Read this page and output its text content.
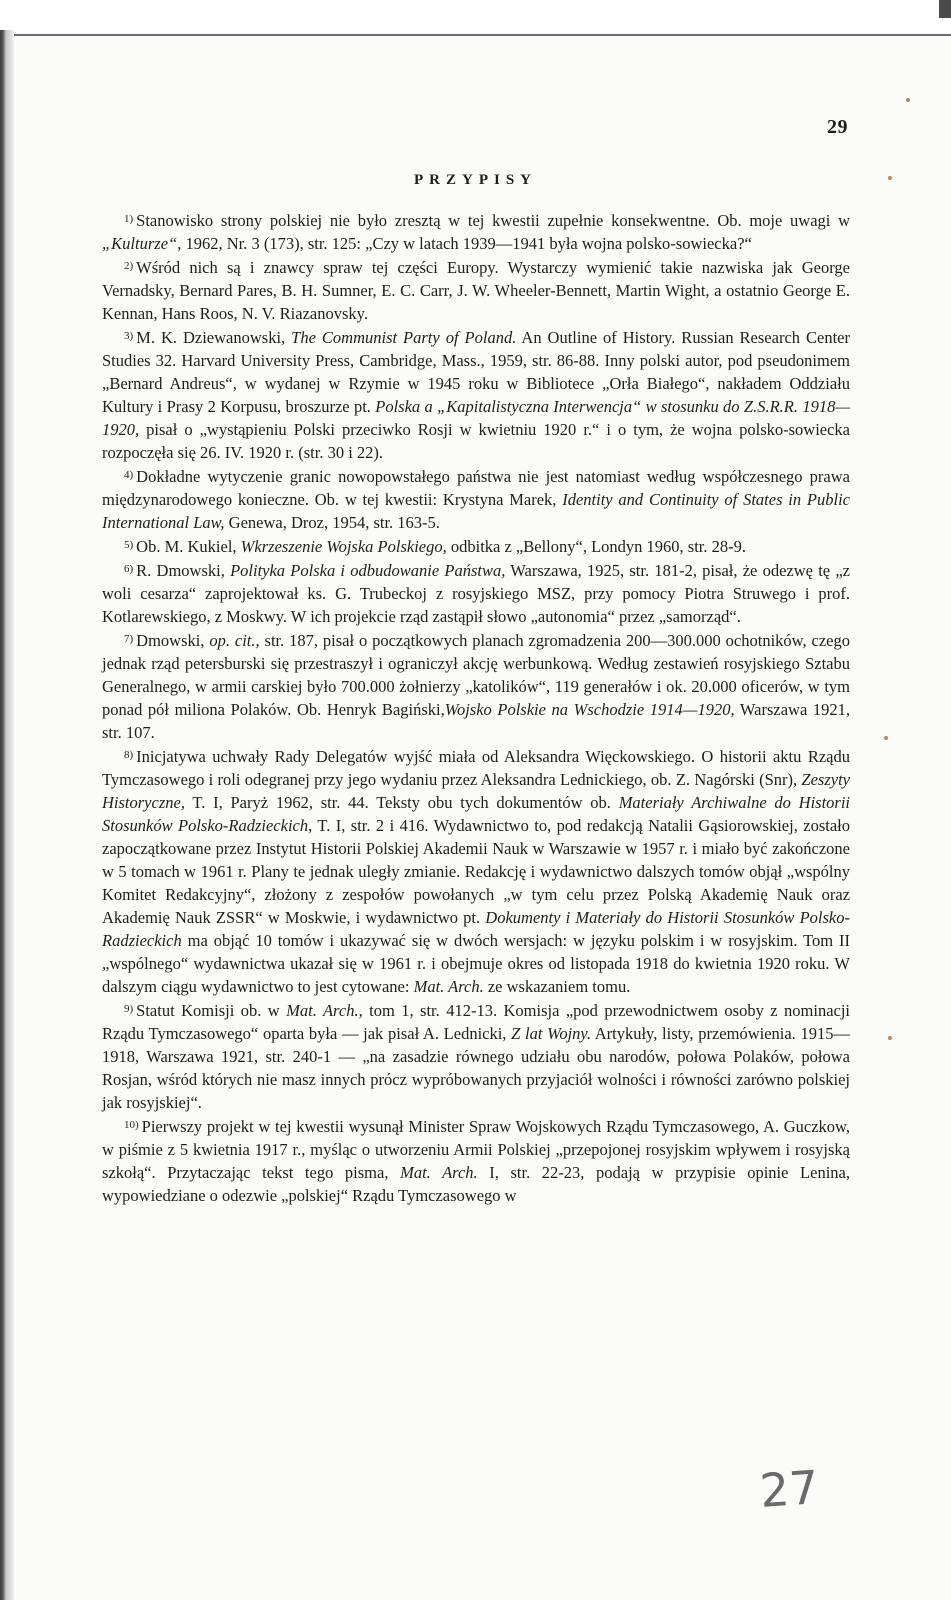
29
PRZYPISY

$^{1)}$ Stanowisko strony polskiej nie było zresztą w tej kwestii zupełnie konsekwentne. Ob. moje uwagi w „Kulturze“, 1962, Nr. 3 (173), str. 125: „Czy w latach 1939—1941 była wojna polsko-sowiecka?“

$^{2)}$ Wśród nich są i znawcy spraw tej części Europy. Wystarczy wymienić takie nazwiska jak George Vernadsky, Bernard Pares, B. H. Sumner, E. C. Carr, J. W. Wheeler-Bennett, Martin Wight, a ostatnio George E. Kennan, Hans Roos, N. V. Riazanovsky.

$^{3)}$ M. K. Dziewanowski, The Communist Party of Poland. An Outline of History. Russian Research Center Studies 32. Harvard University Press, Cambridge, Mass., 1959, str. 86-88. Inny polski autor, pod pseudonimem „Bernard Andreus“, w wydanej w Rzymie w 1945 roku w Bibliotece „Orła Białego“, nakładem Oddziału Kultury i Prasy 2 Korpusu, broszurze pt. Polska a „Kapitalistyczna Interwencja“ w stosunku do Z.S.R.R. 1918—1920, pisał o „wystąpieniu Polski przeciwko Rosji w kwietniu 1920 r.“ i o tym, że wojna polsko-sowiecka rozpoczęła się 26. IV. 1920 r. (str. 30 i 22).

$^{4)}$ Dokładne wytyczenie granic nowopowstałego państwa nie jest natomiast według współczesnego prawa międzynarodowego konieczne. Ob. w tej kwestii: Krystyna Marek, Identity and Continuity of States in Public International Law, Genewa, Droz, 1954, str. 163-5.

$^{5)}$ Ob. M. Kukiel, Wkrzeszenie Wojska Polskiego, odbitka z „Bellony“, Londyn 1960, str. 28-9.

$^{6)}$ R. Dmowski, Polityka Polska i odbudowanie Państwa, Warszawa, 1925, str. 181-2, pisał, że odezwę tę „z woli cesarza“ zaprojektował ks. G. Trubeckoj z rosyjskiego MSZ, przy pomocy Piotra Struwego i prof. Kotlarewskiego, z Moskwy. W ich projekcie rząd zastąpił słowo „autonomia“ przez „samorząd“.

$^{7)}$ Dmowski, op. cit., str. 187, pisał o początkowych planach zgromadzenia 200—300.000 ochotników, czego jednak rząd petersburski się przestraszył i ograniczył akcję werbunkową. Według zestawień rosyjskiego Sztabu Generalnego, w armii carskiej było 700.000 żołnierzy „katolików“, 119 generałów i ok. 20.000 oficerów, w tym ponad pół miliona Polaków. Ob. Henryk Bagiński,Wojsko Polskie na Wschodzie 1914—1920, Warszawa 1921, str. 107.

$^{8)}$ Inicjatywa uchwały Rady Delegatów wyjść miała od Aleksandra Więckowskiego. O historii aktu Rządu Tymczasowego i roli odegranej przy jego wydaniu przez Aleksandra Lednickiego, ob. Z. Nagórski (Snr), Zeszyty Historyczne, T. I, Paryż 1962, str. 44. Teksty obu tych dokumentów ob. Materiały Archiwalne do Historii Stosunków Polsko-Radzieckich, T. I, str. 2 i 416. Wydawnictwo to, pod redakcją Natalii Gąsiorowskiej, zostało zapoczątkowane przez Instytut Historii Polskiej Akademii Nauk w Warszawie w 1957 r. i miało być zakończone w 5 tomach w 1961 r. Plany te jednak uległy zmianie. Redakcję i wydawnictwo dalszych tomów objął „wspólny Komitet Redakcyjny“, złożony z zespołów powołanych „w tym celu przez Polską Akademię Nauk oraz Akademię Nauk ZSSR“ w Moskwie, i wydawnictwo pt. Dokumenty i Materiały do Historii Stosunków Polsko-Radzieckich ma objąć 10 tomów i ukazywać się w dwóch wersjach: w języku polskim i w rosyjskim. Tom II „wspólnego“ wydawnictwa ukazał się w 1961 r. i obejmuje okres od listopada 1918 do kwietnia 1920 roku. W dalszym ciągu wydawnictwo to jest cytowane: Mat. Arch. ze wskazaniem tomu.

$^{9)}$ Statut Komisji ob. w Mat. Arch., tom 1, str. 412-13. Komisja „pod przewodnictwem osoby z nominacji Rządu Tymczasowego“ oparta była — jak pisał A. Lednicki, Z lat Wojny. Artykuły, listy, przemówienia. 1915—1918, Warszawa 1921, str. 240-1 — „na zasadzie równego udziału obu narodów, połowa Polaków, połowa Rosjan, wśród których nie masz innych prócz wypróbowanych przyjaciół wolności i równości zarówno polskiej jak rosyjskiej“.

$^{10)}$ Pierwszy projekt w tej kwestii wysunął Minister Spraw Wojskowych Rządu Tymczasowego, A. Guczkow, w piśmie z 5 kwietnia 1917 r., myśląc o utworzeniu Armii Polskiej „przepojonej rosyjskim wpływem i rosyjską szkołą“. Przytaczając tekst tego pisma, Mat. Arch. I, str. 22-23, podają w przypisie opinie Lenina, wypowiedziane o odezwie „polskiej“ Rządu Tymczasowego w

27
